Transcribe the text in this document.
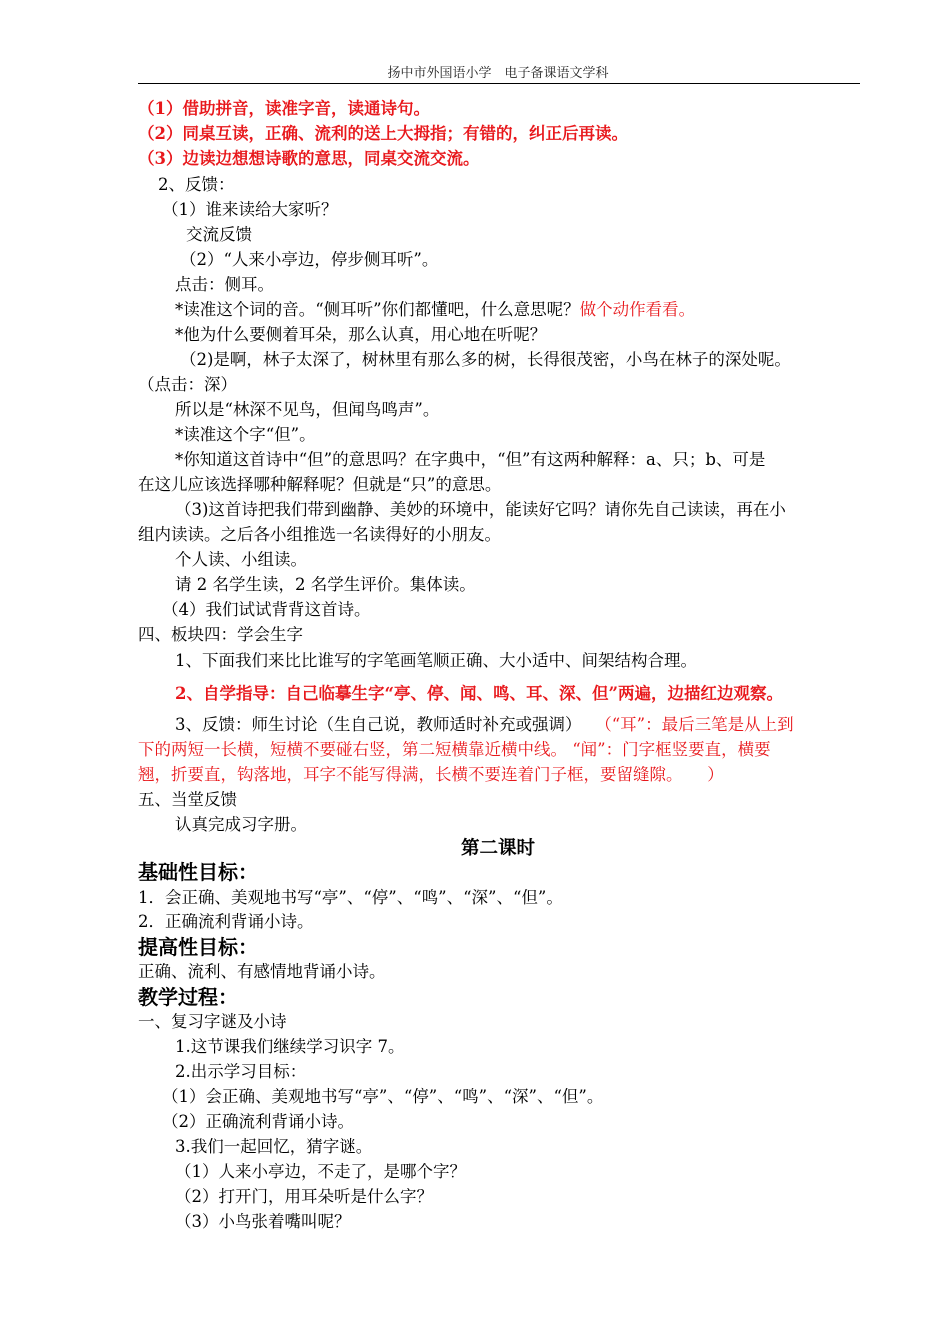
扬中市外国语小学　电子备课语文学科
（1）借助拼音，读准字音，读通诗句。
（2）同桌互读，正确、流利的送上大拇指；有错的，纠正后再读。
（3）边读边想想诗歌的意思，同桌交流交流。
2、反馈：
（1）谁来读给大家听？
交流反馈
（2）“人来小亭边，停步侧耳听”。
点击：侧耳。
*读准这个词的音。“侧耳听”你们都懂吧，什么意思呢？做个动作看看。
*他为什么要侧着耳朵，那么认真，用心地在听呢？
（2)是啊，林子太深了，树林里有那么多的树，长得很茂密，小鸟在林子的深处呢。
（点击：深）
所以是“林深不见鸟，但闻鸟鸣声”。
*读准这个字“但”。
*你知道这首诗中“但”的意思吗？在字典中，“但”有这两种解释：a、只；b、可是
在这儿应该选择哪种解释呢？但就是“只”的意思。
（3)这首诗把我们带到幽静、美妙的环境中，能读好它吗？请你先自己读读，再在小
组内读读。之后各小组推选一名读得好的小朋友。
个人读、小组读。
请 2 名学生读，2 名学生评价。集体读。
（4）我们试试背背这首诗。
四、板块四：学会生字
1、下面我们来比比谁写的字笔画笔顺正确、大小适中、间架结构合理。
2、自学指导：自己临摹生字“亭、停、闻、鸣、耳、深、但”两遍，边描红边观察。
3、反馈：师生讨论（生自己说，教师适时补充或强调） （“耳”：最后三笔是从上到
下的两短一长横，短横不要碰右竖，第二短横靠近横中线。 “闻”：门字框竖要直，横要
翘，折要直，钩落地，耳字不能写得满，长横不要连着门子框，要留缝隙。　　）
五、当堂反馈
认真完成习字册。
第二课时
基础性目标：
1．会正确、美观地书写“亭”、“停”、“鸣”、“深”、“但”。
2．正确流利背诵小诗。
提高性目标：
正确、流利、有感情地背诵小诗。
教学过程：
一、复习字谜及小诗
1.这节课我们继续学习识字 7。
2.出示学习目标：
（1）会正确、美观地书写“亭”、“停”、“鸣”、“深”、“但”。
（2）正确流利背诵小诗。
3.我们一起回忆，猜字谜。
（1）人来小亭边，不走了，是哪个字？
（2）打开门，用耳朵听是什么字？
（3）小鸟张着嘴叫呢？
